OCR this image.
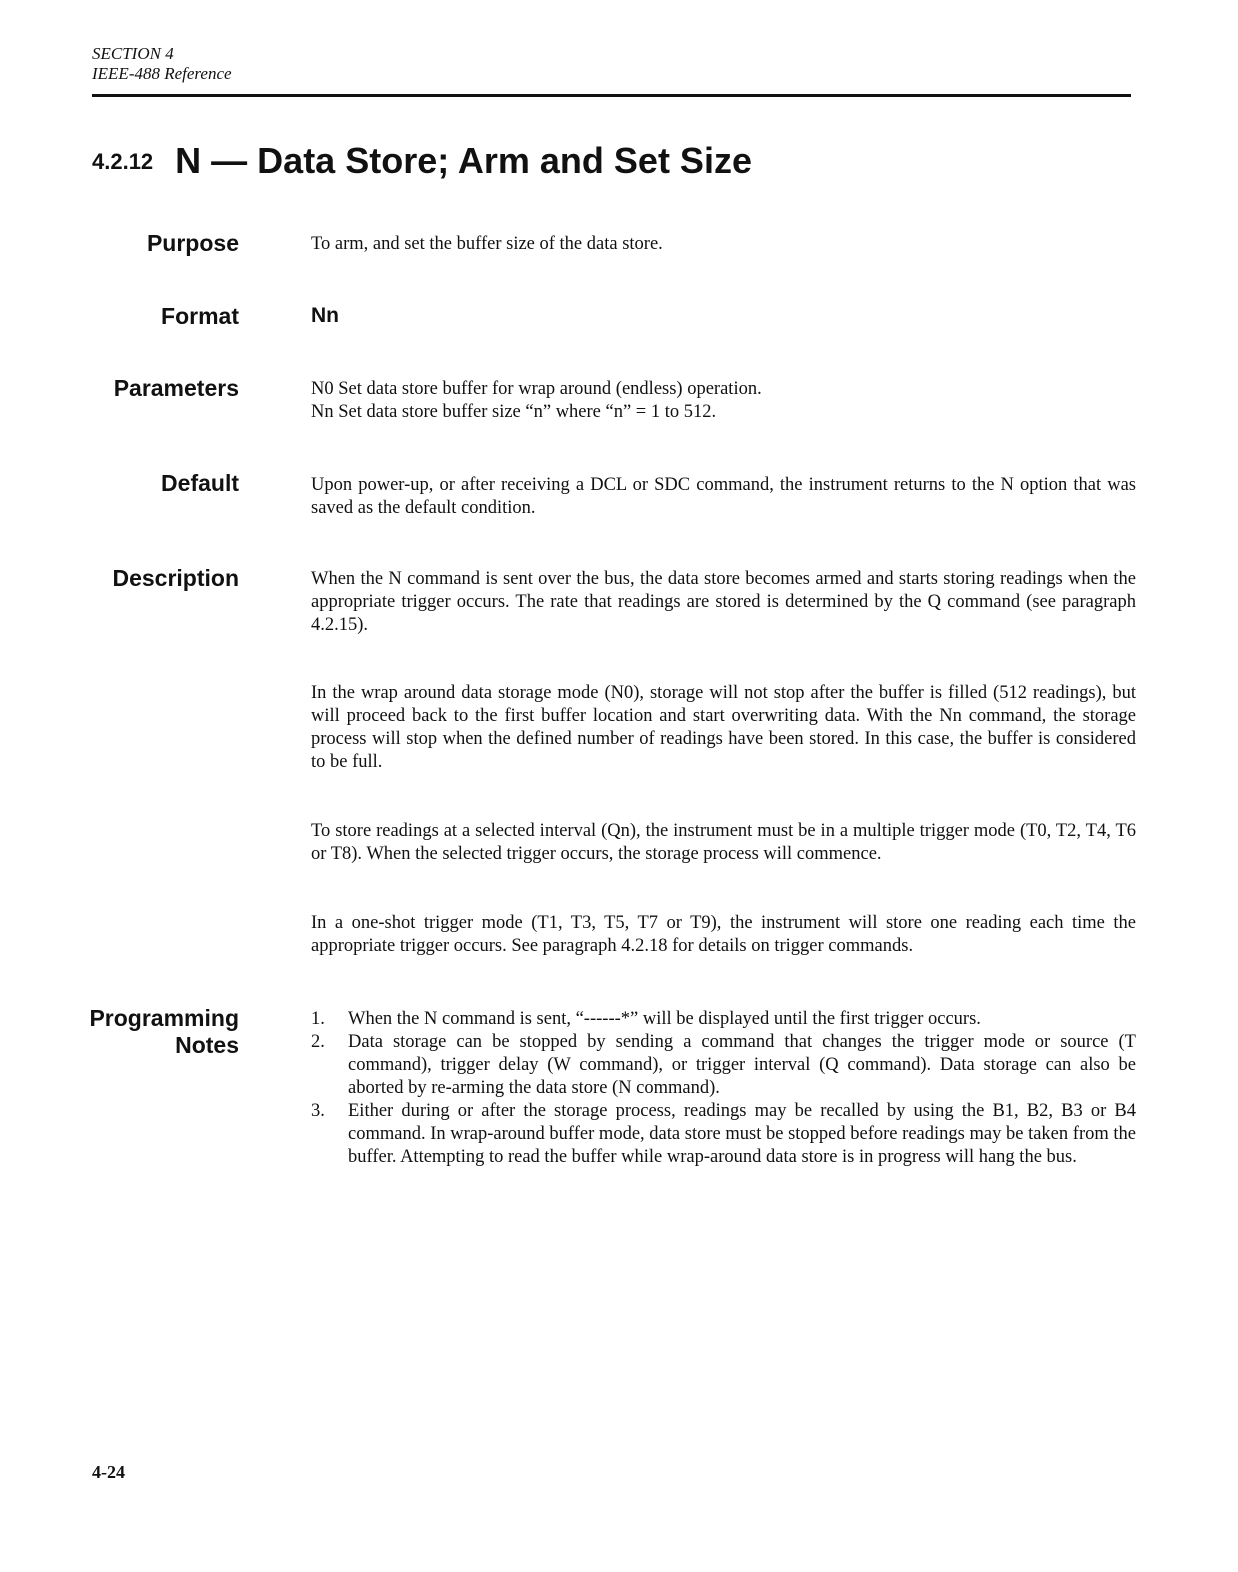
SECTION 4
IEEE-488 Reference
4.2.12 N — Data Store; Arm and Set Size
Purpose	To arm, and set the buffer size of the data store.
Format	Nn
Parameters	N0 Set data store buffer for wrap around (endless) operation.
Nn Set data store buffer size “n” where “n” = 1 to 512.
Default	Upon power-up, or after receiving a DCL or SDC command, the instrument returns to the N option that was saved as the default condition.
Description	When the N command is sent over the bus, the data store becomes armed and starts storing readings when the appropriate trigger occurs. The rate that readings are stored is determined by the Q command (see paragraph 4.2.15).
In the wrap around data storage mode (N0), storage will not stop after the buffer is filled (512 readings), but will proceed back to the first buffer location and start overwriting data. With the Nn command, the storage process will stop when the defined number of readings have been stored. In this case, the buffer is considered to be full.
To store readings at a selected interval (Qn), the instrument must be in a multiple trigger mode (T0, T2, T4, T6 or T8). When the selected trigger occurs, the storage process will commence.
In a one-shot trigger mode (T1, T3, T5, T7 or T9), the instrument will store one reading each time the appropriate trigger occurs. See paragraph 4.2.18 for details on trigger commands.
Programming
Notes
1. When the N command is sent, “------*” will be displayed until the first trigger occurs.
2. Data storage can be stopped by sending a command that changes the trigger mode or source (T command), trigger delay (W command), or trigger interval (Q command). Data storage can also be aborted by re-arming the data store (N command).
3. Either during or after the storage process, readings may be recalled by using the B1, B2, B3 or B4 command. In wrap-around buffer mode, data store must be stopped before readings may be taken from the buffer. Attempting to read the buffer while wrap-around data store is in progress will hang the bus.
4-24
